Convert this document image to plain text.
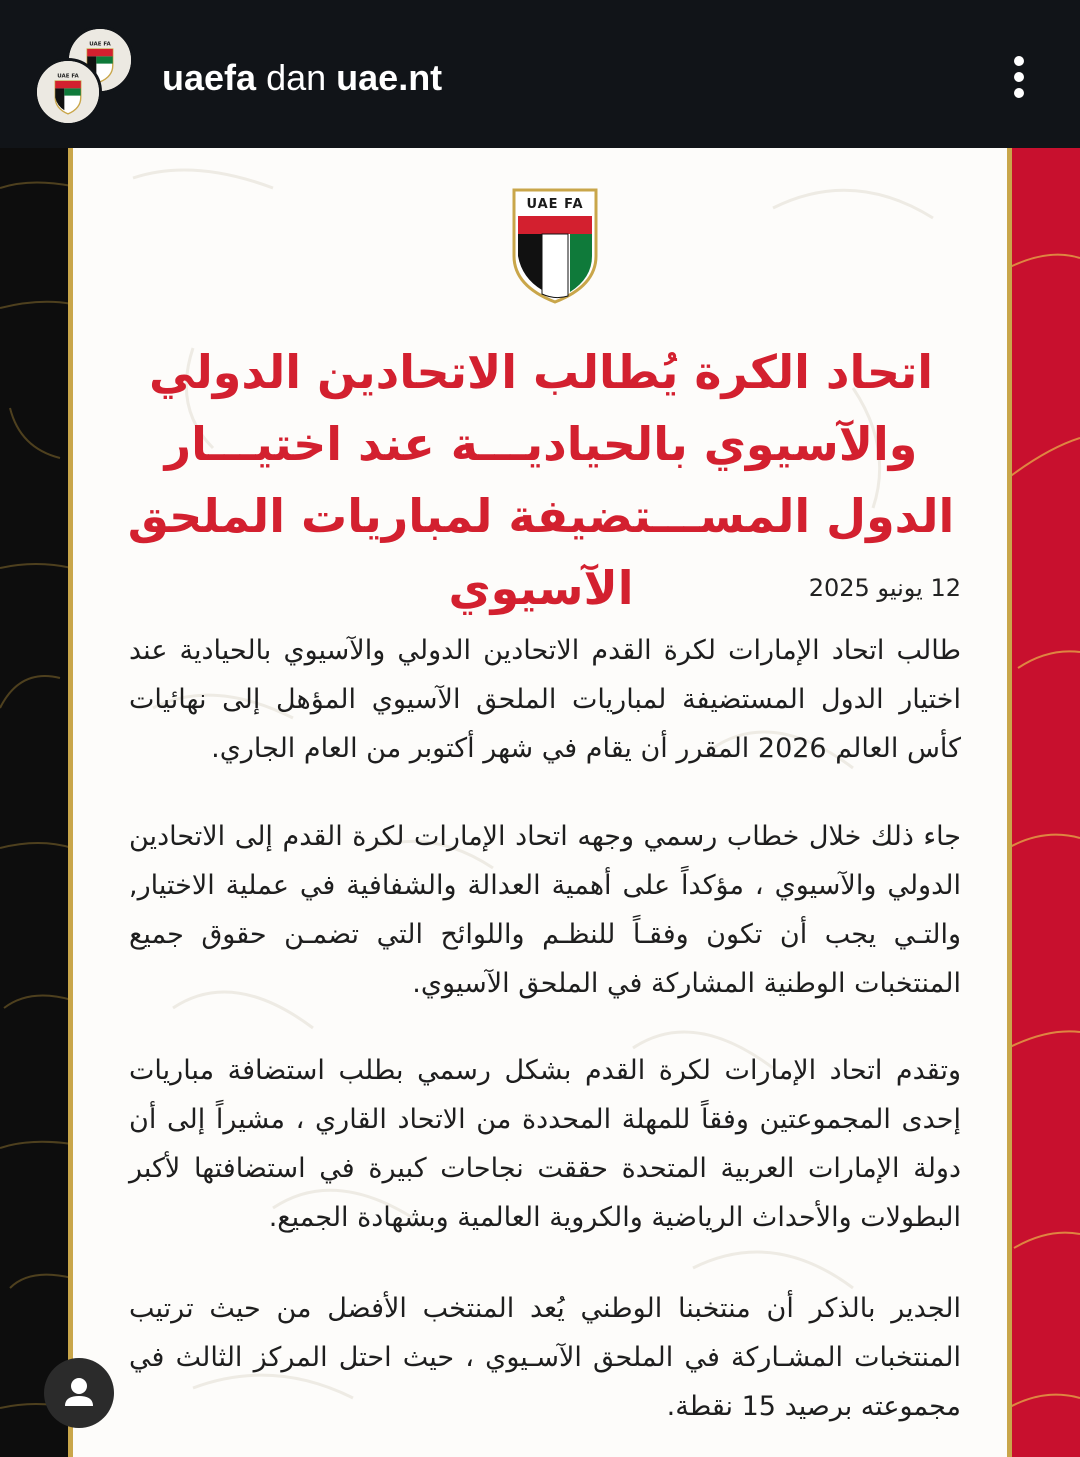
UAE FA
UAE FA uaefa dan uae.nt
UAE FA
اتحاد الكرة يُطالب الاتحادين الدولي والآسيوي بالحياديـــة عند اختيـــار الدول المســـتضيفة لمباريات الملحق الآسيوي	12 يونيو 2025

طالب اتحاد الإمارات لكرة القدم الاتحادين الدولي والآسيوي بالحيادية عند اختيار الدول المستضيفة لمباريات الملحق الآسيوي المؤهل إلى نهائيات كأس العالم 2026 المقرر أن يقام في شهر أكتوبر من العام الجاري.

جاء ذلك خلال خطاب رسمي وجهه اتحاد الإمارات لكرة القدم إلى الاتحادين الدولي والآسيوي ، مؤكداً على أهمية العدالة والشفافية في عملية الاختيار, والتـي يجب أن تكون وفقـاً للنظـم واللوائح التي تضمـن حقوق جميع المنتخبات الوطنية المشاركة في الملحق الآسيوي.

وتقدم اتحاد الإمارات لكرة القدم بشكل رسمي بطلب استضافة مباريات إحدى المجموعتين وفقاً للمهلة المحددة من الاتحاد القاري ، مشيراً إلى أن دولة الإمارات العربية المتحدة حققت نجاحات كبيرة في استضافتها لأكبر البطولات والأحداث الرياضية والكروية العالمية وبشهادة الجميع.

الجدير بالذكر أن منتخبنا الوطني يُعد المنتخب الأفضل من حيث ترتيب المنتخبات المشـاركة في الملحق الآسـيوي ، حيث احتل المركز الثالث في مجموعته برصيد 15 نقطة.
